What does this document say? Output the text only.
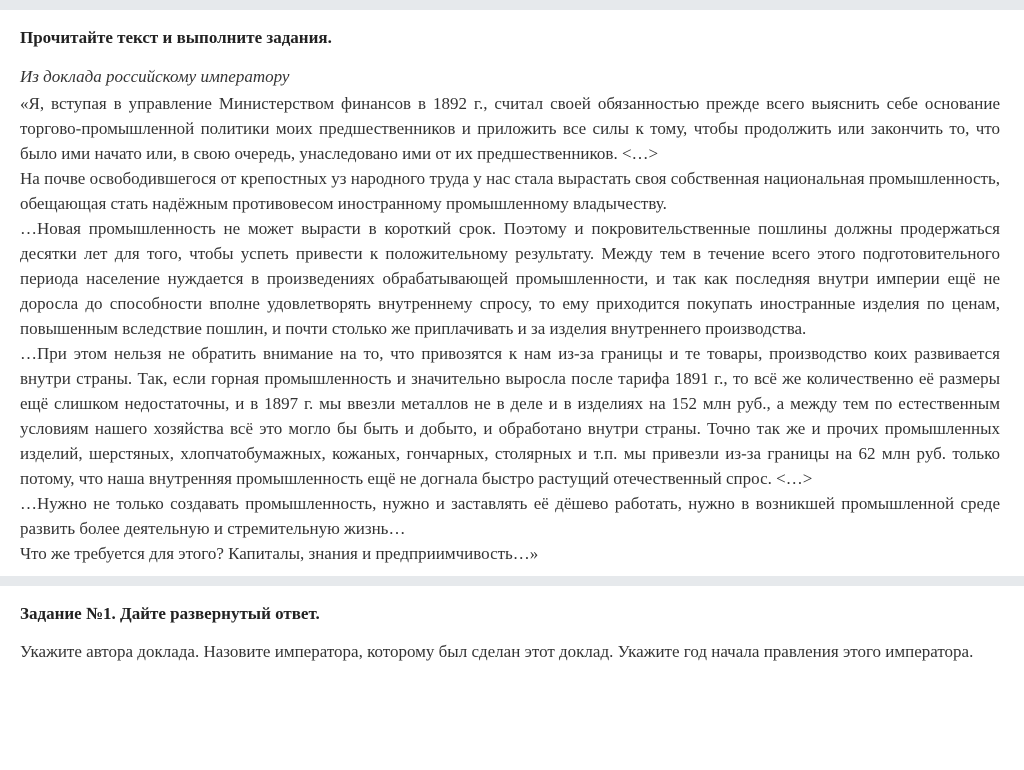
Прочитайте текст и выполните задания.

Из доклада российскому императору

«Я, вступая в управление Министерством финансов в 1892 г., считал своей обязанностью прежде всего выяснить себе основание торгово-промышленной политики моих предшественников и приложить все силы к тому, чтобы продолжить или закончить то, что было ими начато или, в свою очередь, унаследовано ими от их предшественников. <…>

На почве освободившегося от крепостных уз народного труда у нас стала вырастать своя собственная национальная промышленность, обещающая стать надёжным противовесом иностранному промышленному владычеству.

…Новая промышленность не может вырасти в короткий срок. Поэтому и покровительственные пошлины должны продержаться десятки лет для того, чтобы успеть привести к положительному результату. Между тем в течение всего этого подготовительного периода население нуждается в произведениях обрабатывающей промышленности, и так как последняя внутри империи ещё не доросла до способности вполне удовлетворять внутреннему спросу, то ему приходится покупать иностранные изделия по ценам, повышенным вследствие пошлин, и почти столько же приплачивать и за изделия внутреннего производства.

…При этом нельзя не обратить внимание на то, что привозятся к нам из-за границы и те товары, производство коих развивается внутри страны. Так, если горная промышленность и значительно выросла после тарифа 1891 г., то всё же количественно её размеры ещё слишком недостаточны, и в 1897 г. мы ввезли металлов не в деле и в изделиях на 152 млн руб., а между тем по естественным условиям нашего хозяйства всё это могло бы быть и добыто, и обработано внутри страны. Точно так же и прочих промышленных изделий, шерстяных, хлопчатобумажных, кожаных, гончарных, столярных и т.п. мы привезли из-за границы на 62 млн руб. только потому, что наша внутренняя промышленность ещё не догнала быстро растущий отечественный спрос. <…>

…Нужно не только создавать промышленность, нужно и заставлять её дёшево работать, нужно в возникшей промышленной среде развить более деятельную и стремительную жизнь…

Что же требуется для этого? Капиталы, знания и предприимчивость…»

Задание №1. Дайте развернутый ответ.

Укажите автора доклада. Назовите императора, которому был сделан этот доклад. Укажите год начала правления этого императора.
